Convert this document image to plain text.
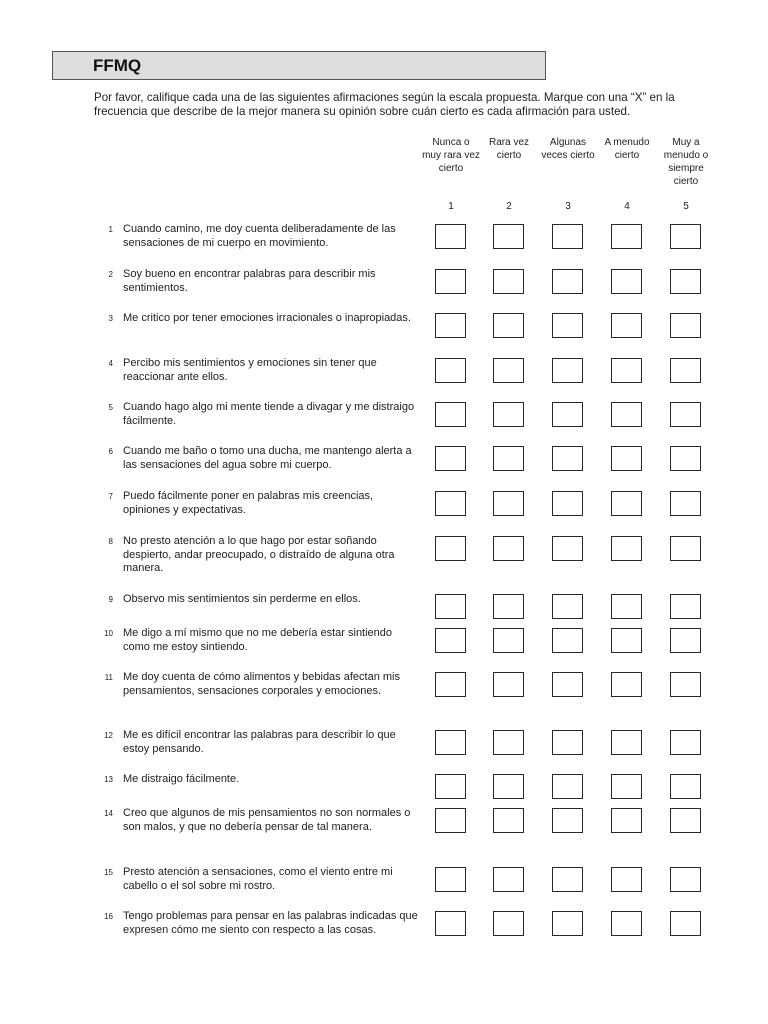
FFMQ
Por favor, califique cada una de las siguientes afirmaciones según la escala propuesta. Marque con una “X” en la frecuencia que describe de la mejor manera su opinión sobre cuán cierto es cada afirmación para usted.
Nunca o muy rara vez cierto
1
Rara vez cierto
2
Algunas veces cierto
3
A menudo cierto
4
Muy a menudo o siempre cierto
5
1 Cuando camino, me doy cuenta deliberadamente de las sensaciones de mi cuerpo en movimiento.
2 Soy bueno en encontrar palabras para describir mis sentimientos.
3 Me critico por tener emociones irracionales o inapropiadas.
4 Percibo mis sentimientos y emociones sin tener que reaccionar ante ellos.
5 Cuando hago algo mi mente tiende a divagar y me distraigo fácilmente.
6 Cuando me baño o tomo una ducha, me mantengo alerta a las sensaciones del agua sobre mi cuerpo.
7 Puedo fácilmente poner en palabras mis creencias, opiniones y expectativas.
8 No presto atención a lo que hago por estar soñando despierto, andar preocupado, o distraído de alguna otra manera.
9 Observo mis sentimientos sin perderme en ellos.
10 Me digo a mí mismo que no me debería estar sintiendo como me estoy sintiendo.
11 Me doy cuenta de cómo alimentos y bebidas afectan mis pensamientos, sensaciones corporales y emociones.
12 Me es difícil encontrar las palabras para describir lo que estoy pensando.
13 Me distraigo fácilmente.
14 Creo que algunos de mis pensamientos no son normales o son malos, y que no debería pensar de tal manera.
15 Presto atención a sensaciones, como el viento entre mi cabello o el sol sobre mi rostro.
16 Tengo problemas para pensar en las palabras indicadas que expresen cómo me siento con respecto a las cosas.
